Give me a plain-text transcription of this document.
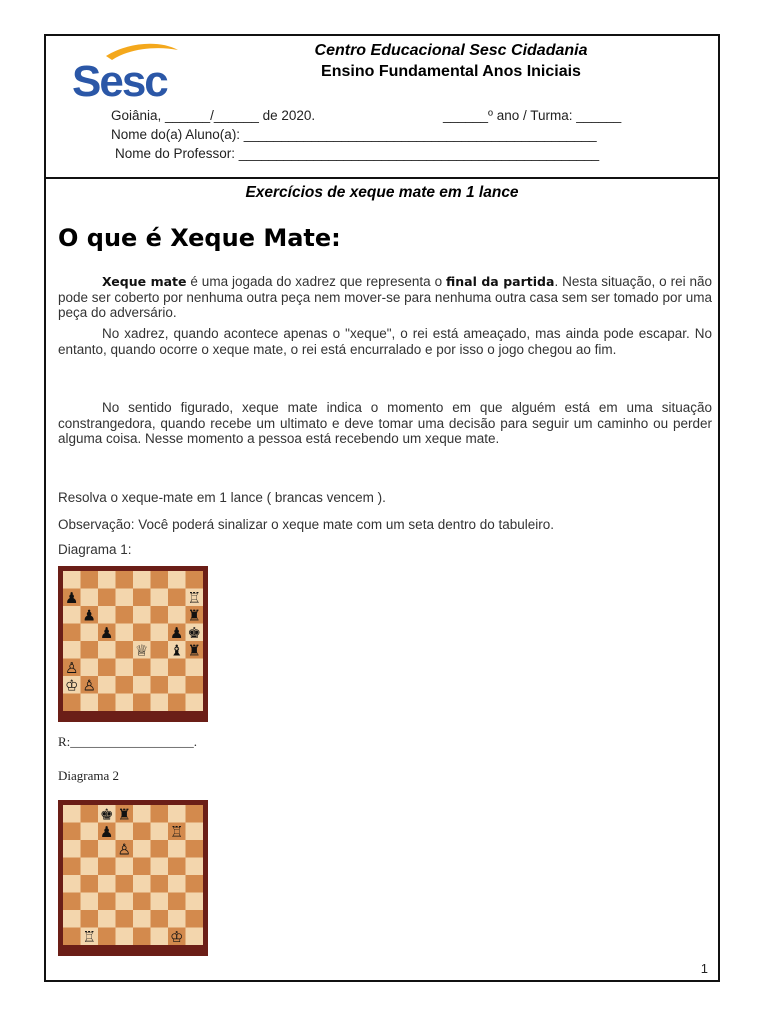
Sesc
Centro Educacional Sesc Cidadania
Ensino Fundamental Anos Iniciais
Goiânia, ______/______ de 2020.	______º ano / Turma: ______
Nome do(a) Aluno(a): _______________________________________________
Nome do Professor: ________________________________________________
Exercícios de xeque mate em 1 lance
O que é Xeque Mate:
Xeque mate é uma jogada do xadrez que representa o final da partida. Nesta situação, o rei não pode ser coberto por nenhuma outra peça nem mover-se para nenhuma outra casa sem ser tomado por uma peça do adversário.
No xadrez, quando acontece apenas o "xeque", o rei está ameaçado, mas ainda pode escapar. No entanto, quando ocorre o xeque mate, o rei está encurralado e por isso o jogo chegou ao fim.
No sentido figurado, xeque mate indica o momento em que alguém está em uma situação constrangedora, quando recebe um ultimato e deve tomar uma decisão para seguir um caminho ou perder alguma coisa. Nesse momento a pessoa está recebendo um xeque mate.
Resolva o xeque-mate em 1 lance ( brancas vencem ).
Observação: Você poderá sinalizar o xeque mate com um seta dentro do tabuleiro.
Diagrama 1:
♟	♖
♟	♜
♟	♟ ♚
♕ ♝ ♜
♙
♔ ♙
R:___________________.
Diagrama 2
♚ ♜
♟	♖
♙
♖	♔
1
